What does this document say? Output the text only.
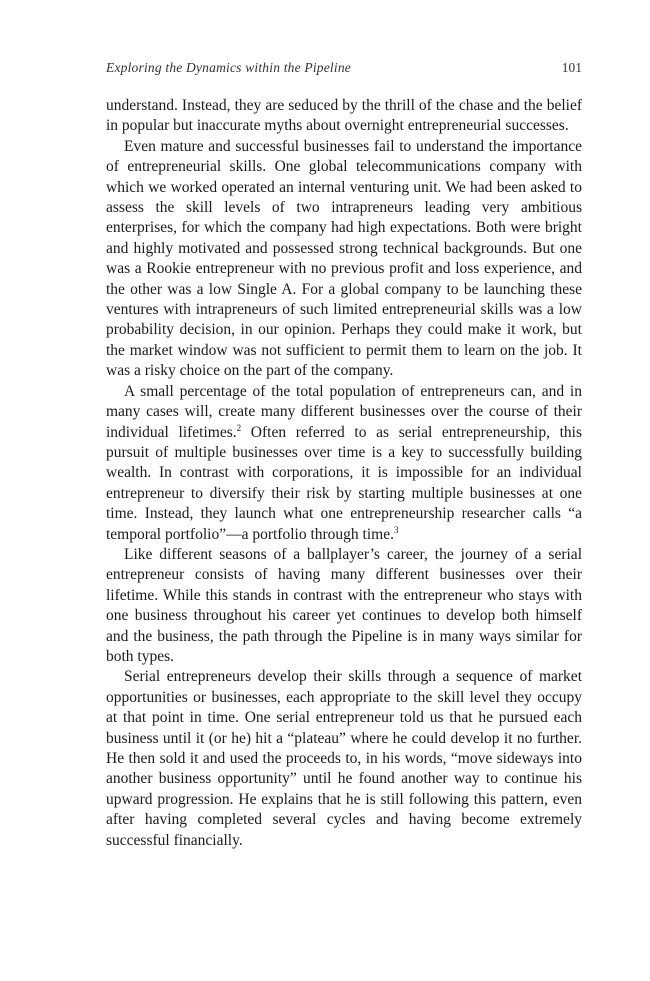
Exploring the Dynamics within the Pipeline	101

understand. Instead, they are seduced by the thrill of the chase and the belief in popular but inaccurate myths about overnight entrepreneurial successes.

Even mature and successful businesses fail to understand the importance of entrepreneurial skills. One global telecommunications company with which we worked operated an internal venturing unit. We had been asked to assess the skill levels of two intrapreneurs leading very ambitious enterprises, for which the company had high expectations. Both were bright and highly motivated and possessed strong technical backgrounds. But one was a Rookie entrepreneur with no previous profit and loss experience, and the other was a low Single A. For a global company to be launching these ventures with intrapreneurs of such limited entrepreneurial skills was a low probability decision, in our opinion. Perhaps they could make it work, but the market window was not sufficient to permit them to learn on the job. It was a risky choice on the part of the company.

A small percentage of the total population of entrepreneurs can, and in many cases will, create many different businesses over the course of their individual lifetimes.$^2$ Often referred to as serial entrepreneurship, this pursuit of multiple businesses over time is a key to successfully building wealth. In contrast with corporations, it is impossible for an individual entrepreneur to diversify their risk by starting multiple businesses at one time. Instead, they launch what one entrepreneurship researcher calls “a temporal portfolio”—a portfolio through time.$^3$

Like different seasons of a ballplayer’s career, the journey of a serial entrepreneur consists of having many different businesses over their lifetime. While this stands in contrast with the entrepreneur who stays with one business throughout his career yet continues to develop both himself and the business, the path through the Pipeline is in many ways similar for both types.

Serial entrepreneurs develop their skills through a sequence of market opportunities or businesses, each appropriate to the skill level they occupy at that point in time. One serial entrepreneur told us that he pursued each business until it (or he) hit a “plateau” where he could develop it no further. He then sold it and used the proceeds to, in his words, “move sideways into another business opportunity” until he found another way to continue his upward progression. He explains that he is still following this pattern, even after having completed several cycles and having become extremely successful financially.
